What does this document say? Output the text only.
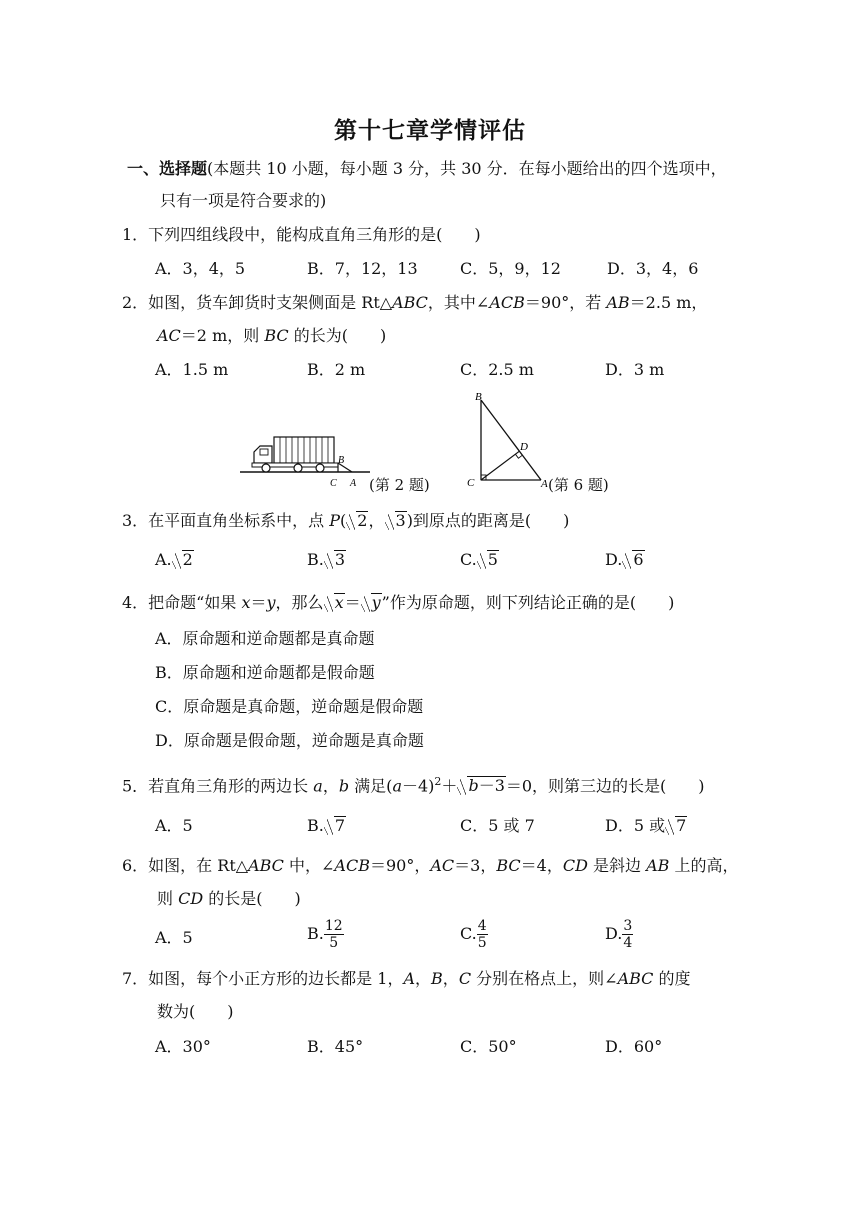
第十七章学情评估
一、选择题(本题共 10 小题，每小题 3 分，共 30 分．在每小题给出的四个选项中，
只有一项是符合要求的)
1．下列四组线段中，能构成直角三角形的是(　　)
A．3，4，5	B．7，12，13	C．5，9，12	D．3，4，6
2．如图，货车卸货时支架侧面是 Rt△ABC，其中∠ACB＝90°，若 AB＝2.5 m，
AC＝2 m，则 BC 的长为(　　)
A．1.5 m	B．2 m	C．2.5 m	D．3 m
B
C A (第 2 题)
B
C	A
D
(第 6 题)
3．在平面直角坐标系中，点 P( 2， 3)到原点的距离是(　　)
A. 2	B. 3	C. 5	D. 6
4．把命题“如果 x＝y，那么 x＝ y”作为原命题，则下列结论正确的是(　　)
A．原命题和逆命题都是真命题
B．原命题和逆命题都是假命题
C．原命题是真命题，逆命题是假命题
D．原命题是假命题，逆命题是真命题
5．若直角三角形的两边长 a，b 满足$(a-4)^2+ b-3=0$，则第三边的长是(　　)
A．5	B. 7	C．5 或 7	D．5 或 7
6．如图，在 Rt△ABC 中，∠ACB＝90°，AC＝3，BC＝4，CD 是斜边 AB 上的高，
则 CD 的长是(　　)
A．5	B. $\frac{12}{5}$	C. $\frac{4}{5}$	D. $\frac{3}{4}$
7．如图，每个小正方形的边长都是 1，A，B，C 分别在格点上，则∠ABC 的度
数为(　　)
A．30°	B．45°	C．50°	D．60°
